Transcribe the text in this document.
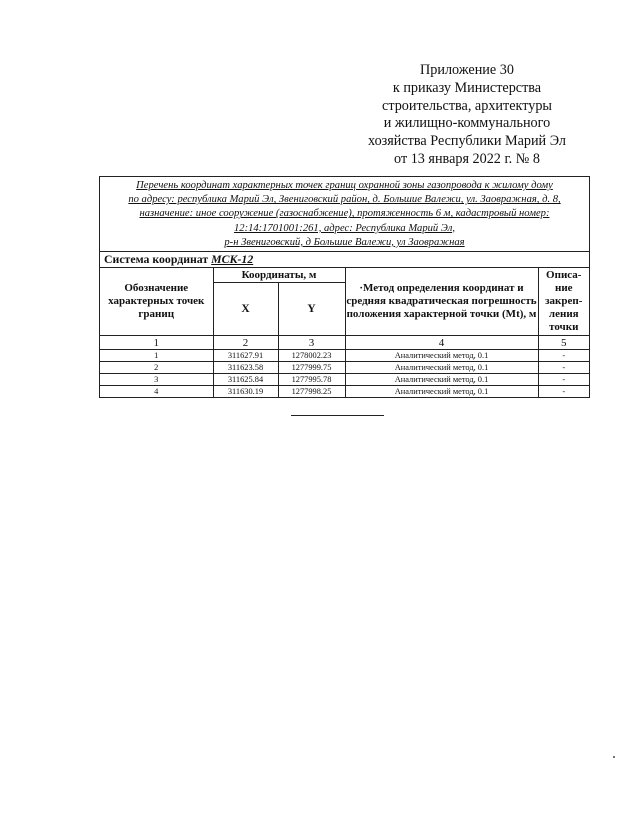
Приложение 30
к приказу Министерства
строительства, архитектуры
и жилищно-коммунального
хозяйства Республики Марий Эл
от 13 января 2022 г. № 8
Перечень координат характерных точек границ охранной зоны газопровода к жилому дому
по адресу: республика Марий Эл, Звениговский район, д. Большие Валежи, ул. Заовражная, д. 8,
назначение: иное сооружение (газоснабжение), протяженность 6 м, кадастровый номер:
12:14:1701001:261, адрес: Республика Марий Эл,
р-н Звениговский, д Большие Валежи, ул Заовражная
Система координат МСК-12				
Обозначение характерных точек границ	Координаты, м		·Метод определения координат и средняя квадратическая погрешность положения характерной точки (Mt), м	Описа-ние закреп-ления точки
	X	Y		
1	2	3	4	5
1	311627.91	1278002.23	Аналитический метод, 0.1	-
2	311623.58	1277999.75	Аналитический метод, 0.1	-
3	311625.84	1277995.78	Аналитический метод, 0.1	-
4	311630.19	1277998.25	Аналитический метод, 0.1	-
